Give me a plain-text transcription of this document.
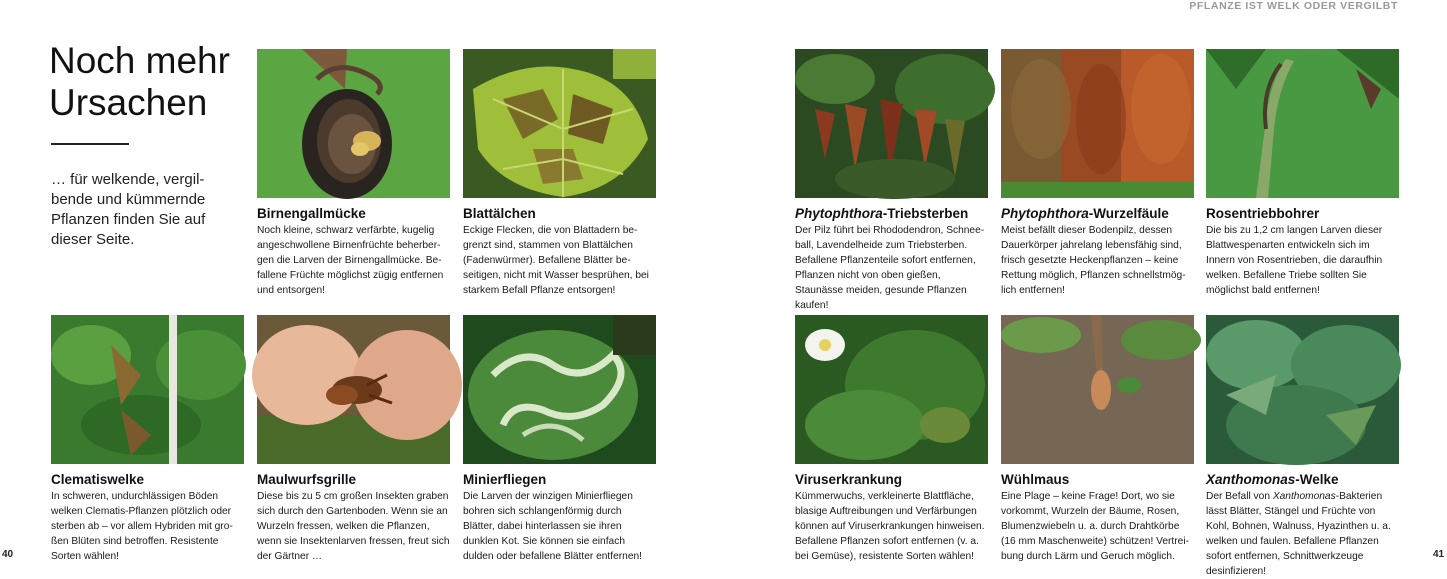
PFLANZE IST WELK ODER VERGILBT
Noch mehr
Ursachen
… für welkende, vergilbende und kümmernde Pflanzen finden Sie auf dieser Seite.
Birnengallmücke

Noch kleine, schwarz verfärbte, kugelig angeschwollene Birnenfrüchte beherbergen die Larven der Birnengallmücke. Befallene Früchte möglichst zügig entfernen und entsorgen!

Blattälchen

Eckige Flecken, die von Blattadern begrenzt sind, stammen von Blattälchen (Fadenwürmer). Befallene Blätter beseitigen, nicht mit Wasser besprühen, bei starkem Befall Pflanze entsorgen!

Phytophthora-Triebsterben

Der Pilz führt bei Rhododendron, Schneeball, Lavendelheide zum Triebsterben. Befallene Pflanzenteile sofort entfernen, Pflanzen nicht von oben gießen, Staunässe meiden, gesunde Pflanzen kaufen!

Phytophthora-Wurzelfäule

Meist befällt dieser Bodenpilz, dessen Dauerkörper jahrelang lebensfähig sind, frisch gesetzte Heckenpflanzen – keine Rettung möglich, Pflanzen schnellstmöglich entfernen!

Rosentriebbohrer

Die bis zu 1,2 cm langen Larven dieser Blattwespenarten entwickeln sich im Innern von Rosentrieben, die daraufhin welken. Befallene Triebe sollten Sie möglichst bald entfernen!

Clematiswelke

In schweren, undurchlässigen Böden welken Clematis-Pflanzen plötzlich oder sterben ab – vor allem Hybriden mit großen Blüten sind betroffen. Resistente Sorten wählen!

Maulwurfsgrille

Diese bis zu 5 cm großen Insekten graben sich durch den Gartenboden. Wenn sie an Wurzeln fressen, welken die Pflanzen, wenn sie Insektenlarven fressen, freut sich der Gärtner …

Minierfliegen

Die Larven der winzigen Minierfliegen bohren sich schlangenförmig durch Blätter, dabei hinterlassen sie ihren dunklen Kot. Sie können sie einfach dulden oder befallene Blätter entfernen!

Viruserkrankung

Kümmerwuchs, verkleinerte Blattfläche, blasige Auftreibungen und Verfärbungen können auf Viruserkrankungen hinweisen. Befallene Pflanzen sofort entfernen (v. a. bei Gemüse), resistente Sorten wählen!

Wühlmaus

Eine Plage – keine Frage! Dort, wo sie vorkommt, Wurzeln der Bäume, Rosen, Blumenzwiebeln u. a. durch Drahtkörbe (16 mm Maschenweite) schützen! Vertreibung durch Lärm und Geruch möglich.

Xanthomonas-Welke

Der Befall von Xanthomonas-Bakterien lässt Blätter, Stängel und Früchte von Kohl, Bohnen, Walnuss, Hyazinthen u. a. welken und faulen. Befallene Pflanzen sofort entfernen, Schnittwerkzeuge desinfizieren!

40	41
